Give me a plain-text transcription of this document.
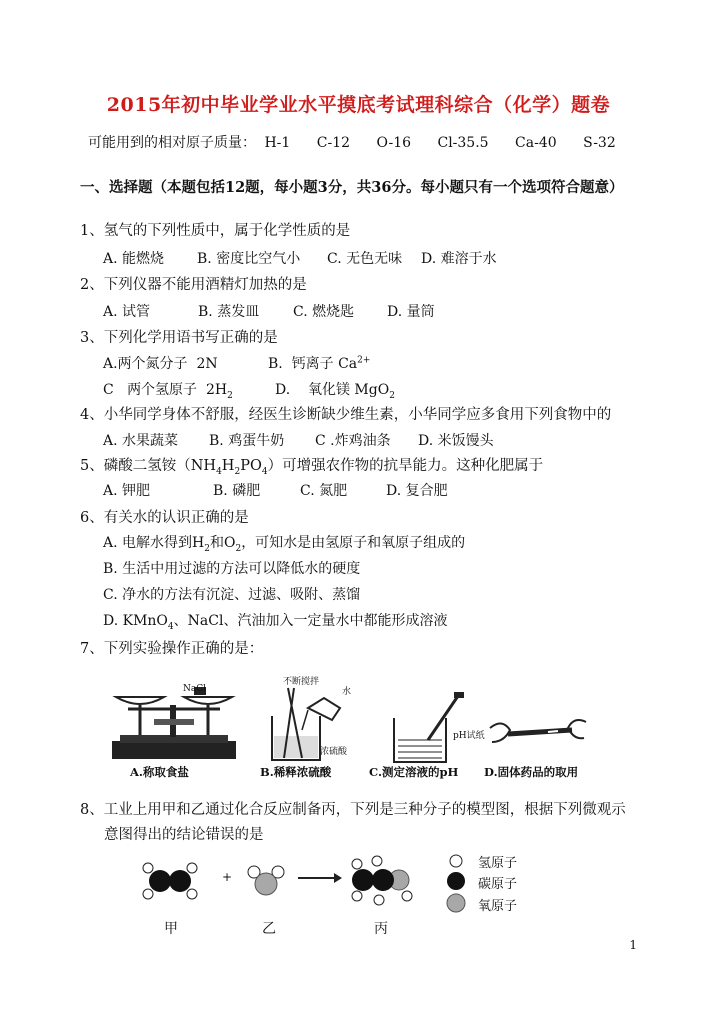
2015年初中毕业学业水平摸底考试理科综合（化学）题卷
可能用到的相对原子质量： H-1 C-12 O-16 Cl-35.5 Ca-40 S-32
一、选择题（本题包括12题，每小题3分，共36分。每小题只有一个选项符合题意）
1、氢气的下列性质中，属于化学性质的是
A. 能燃烧 B. 密度比空气小 C. 无色无味 D. 难溶于水
2、下列仪器不能用酒精灯加热的是
A. 试管	B. 蒸发皿 C. 燃烧匙 D. 量筒
3、下列化学用语书写正确的是
A.两个氮分子  2N	B.  钙离子 $Ca^{2+}$
C   两个氢原子  $2H_2$	D.    氧化镁 MgO$_2$
4、小华同学身体不舒服，经医生诊断缺少维生素，小华同学应多食用下列食物中的
A. 水果蔬菜 B. 鸡蛋牛奶 C .炸鸡油条 D. 米饭馒头
5、磷酸二氢铵$(NH_4H_2PO_4)$可增强农作物的抗旱能力。这种化肥属于
A. 钾肥	B. 磷肥	C. 氮肥	D. 复合肥
6、有关水的认识正确的是
A. 电解水得到$H_2$和$O_2$，可知水是由氢原子和氧原子组成的
B. 生活中用过滤的方法可以降低水的硬度
C. 净水的方法有沉淀、过滤、吸附、蒸馏
D. KMnO$_4$、NaCl、汽油加入一定量水中都能形成溶液
7、下列实验操作正确的是：
NaCl
不断搅拌
水
浓硫酸
pH试纸
A.称取食盐	B.稀释浓硫酸	C.测定溶液的pH D.固体药品的取用
8、工业上用甲和乙通过化合反应制备丙，下列是三种分子的模型图，根据下列微观示
意图得出的结论错误的是
+
氢原子
碳原子
氧原子
甲	乙	丙
1
